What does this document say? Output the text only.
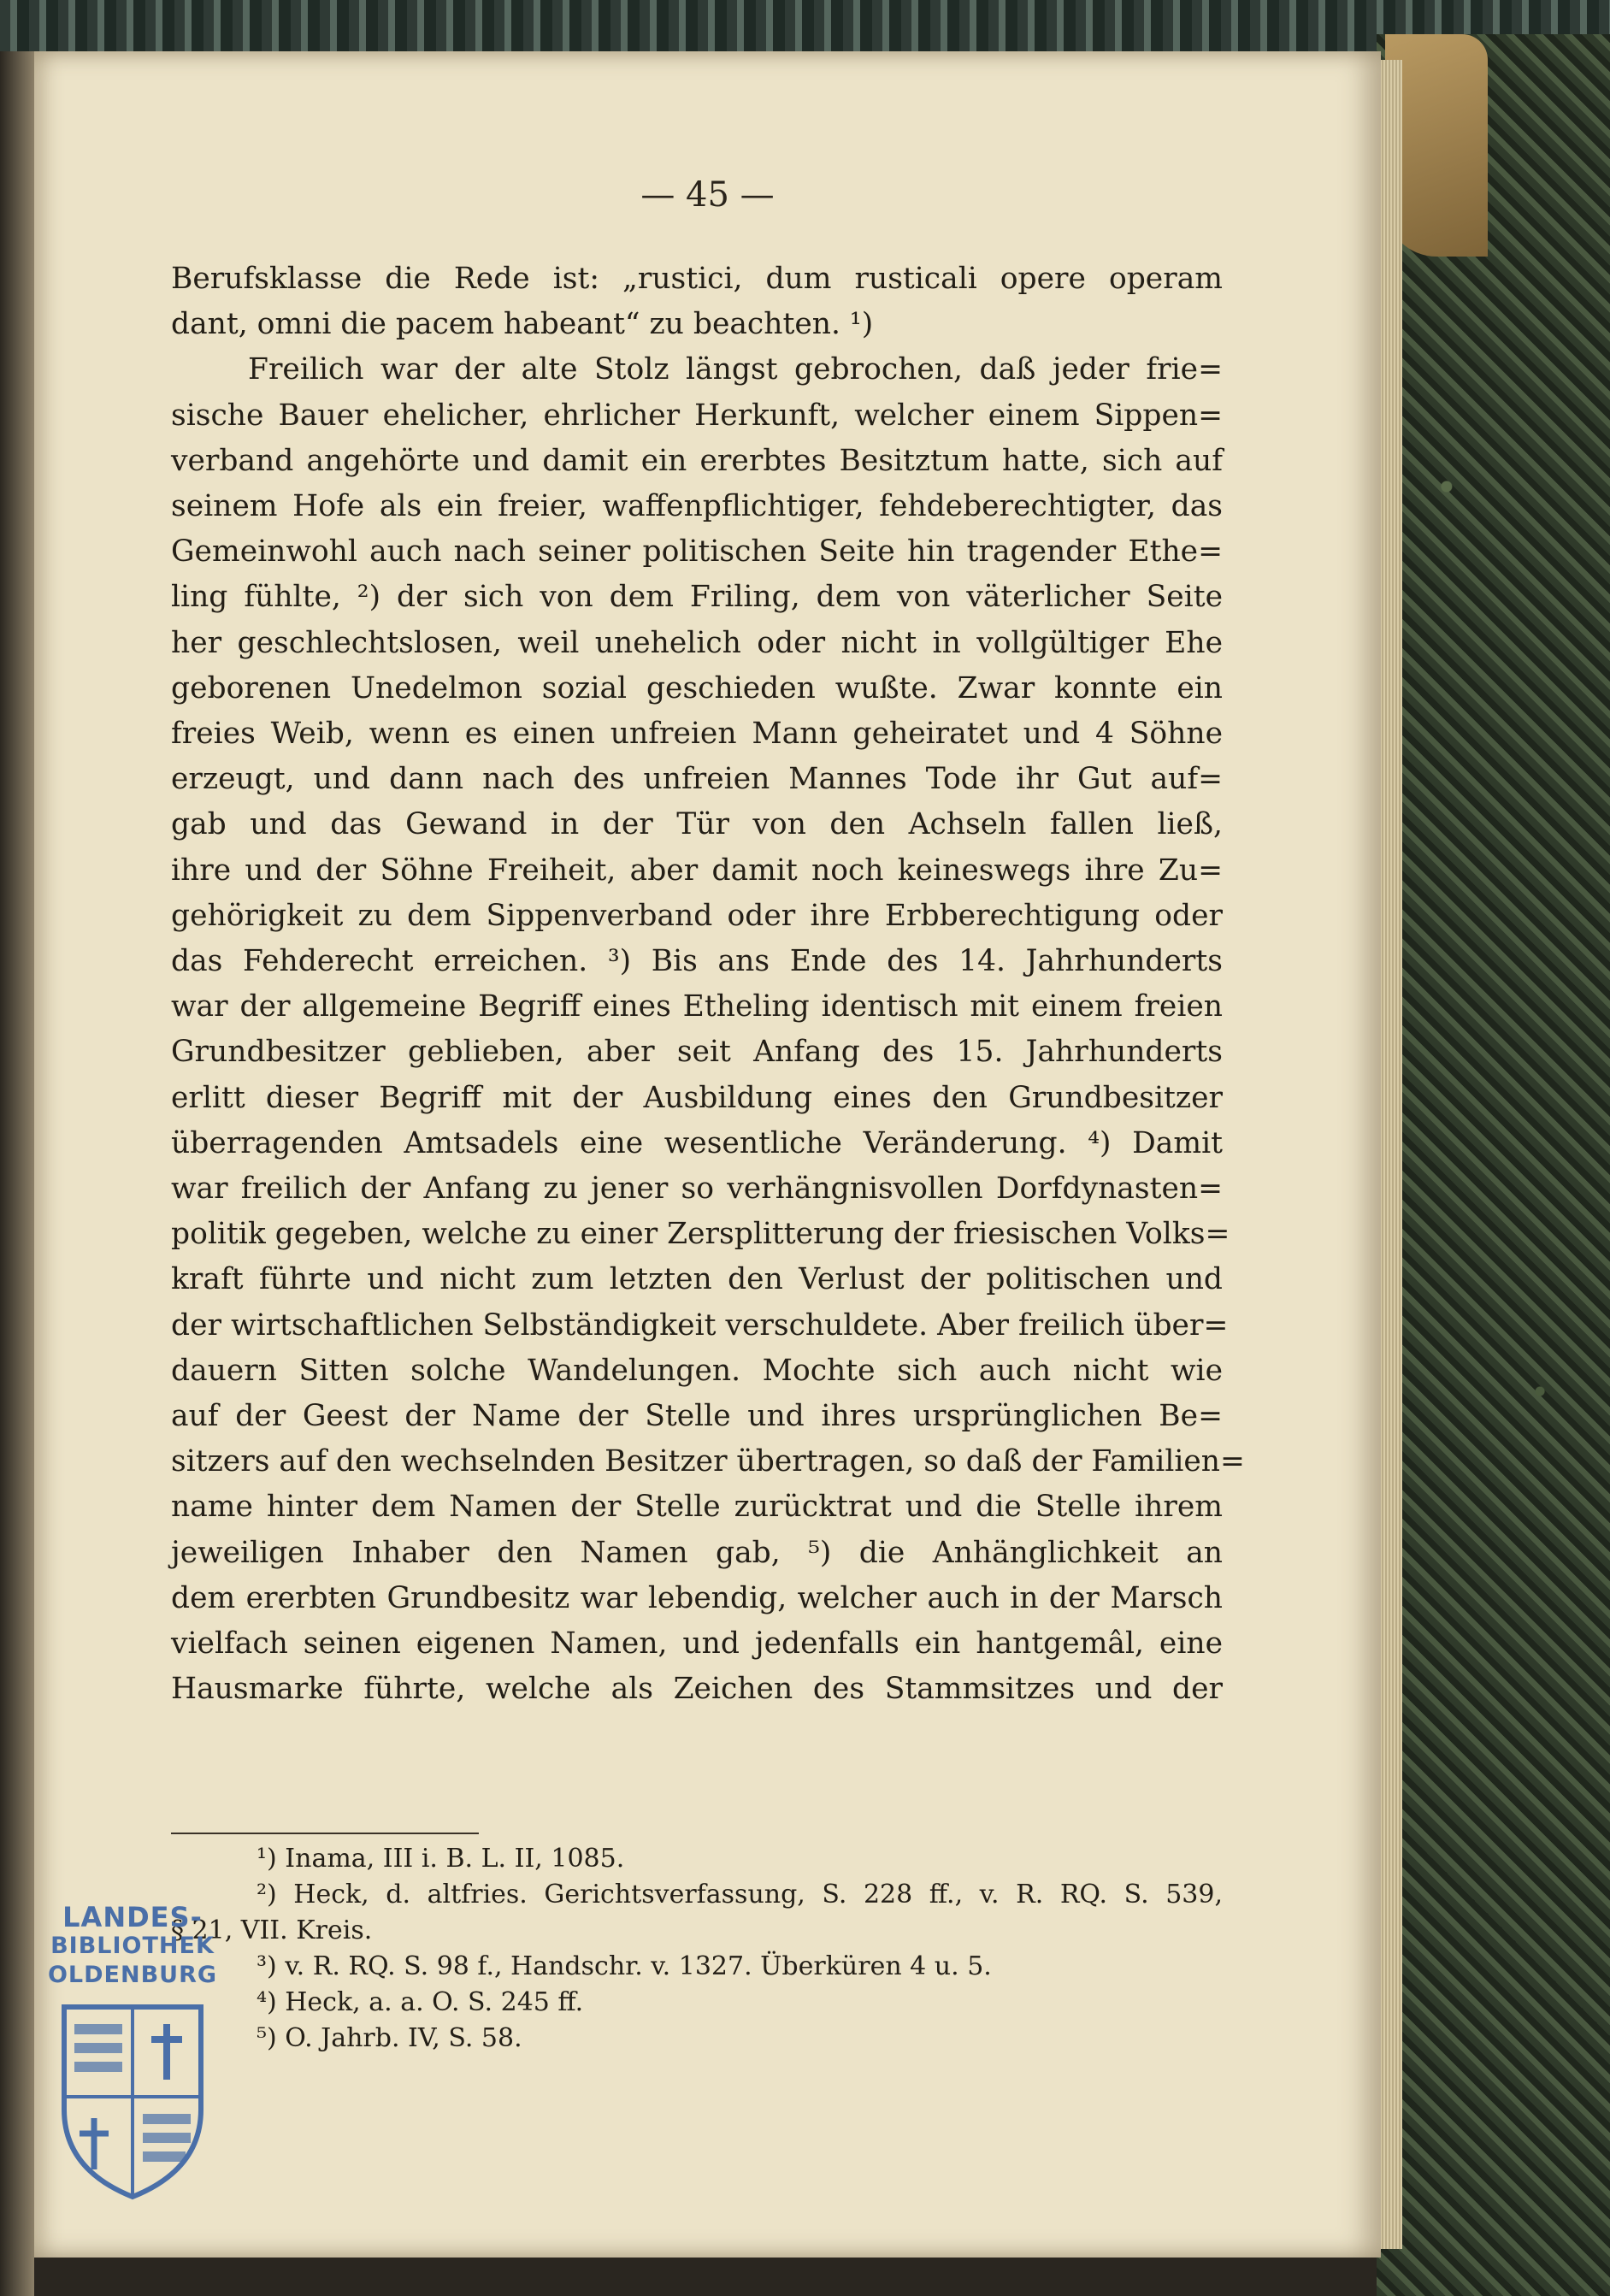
— 45 —
Berufsklasse die Rede ist: „rustici, dum rusticali opere operam
dant, omni die pacem habeant“ zu beachten. ¹)
Freilich war der alte Stolz längst gebrochen, daß jeder frie=
sische Bauer ehelicher, ehrlicher Herkunft, welcher einem Sippen=
verband angehörte und damit ein ererbtes Besitztum hatte, sich auf
seinem Hofe als ein freier, waffenpflichtiger, fehdeberechtigter, das
Gemeinwohl auch nach seiner politischen Seite hin tragender Ethe=
ling fühlte, ²) der sich von dem Friling, dem von väterlicher Seite
her geschlechtslosen, weil unehelich oder nicht in vollgültiger Ehe
geborenen Unedelmon sozial geschieden wußte. Zwar konnte ein
freies Weib, wenn es einen unfreien Mann geheiratet und 4 Söhne
erzeugt, und dann nach des unfreien Mannes Tode ihr Gut auf=
gab und das Gewand in der Tür von den Achseln fallen ließ,
ihre und der Söhne Freiheit, aber damit noch keineswegs ihre Zu=
gehörigkeit zu dem Sippenverband oder ihre Erbberechtigung oder
das Fehderecht erreichen. ³) Bis ans Ende des 14. Jahrhunderts
war der allgemeine Begriff eines Etheling identisch mit einem freien
Grundbesitzer geblieben, aber seit Anfang des 15. Jahrhunderts
erlitt dieser Begriff mit der Ausbildung eines den Grundbesitzer
überragenden Amtsadels eine wesentliche Veränderung. ⁴) Damit
war freilich der Anfang zu jener so verhängnisvollen Dorfdynasten=
politik gegeben, welche zu einer Zersplitterung der friesischen Volks=
kraft führte und nicht zum letzten den Verlust der politischen und
der wirtschaftlichen Selbständigkeit verschuldete. Aber freilich über=
dauern Sitten solche Wandelungen. Mochte sich auch nicht wie
auf der Geest der Name der Stelle und ihres ursprünglichen Be=
sitzers auf den wechselnden Besitzer übertragen, so daß der Familien=
name hinter dem Namen der Stelle zurücktrat und die Stelle ihrem
jeweiligen Inhaber den Namen gab, ⁵) die Anhänglichkeit an
dem ererbten Grundbesitz war lebendig, welcher auch in der Marsch
vielfach seinen eigenen Namen, und jedenfalls ein hantgemâl, eine
Hausmarke führte, welche als Zeichen des Stammsitzes und der
¹) Inama, III i. B. L. II, 1085.
²) Heck, d. altfries. Gerichtsverfassung, S. 228 ff., v. R. RQ. S. 539,
§ 21, VII. Kreis.
³) v. R. RQ. S. 98 f., Handschr. v. 1327. Überküren 4 u. 5.
⁴) Heck, a. a. O. S. 245 ff.
⁵) O. Jahrb. IV, S. 58.
LANDES-
BIBLIOTHEK
OLDENBURG
